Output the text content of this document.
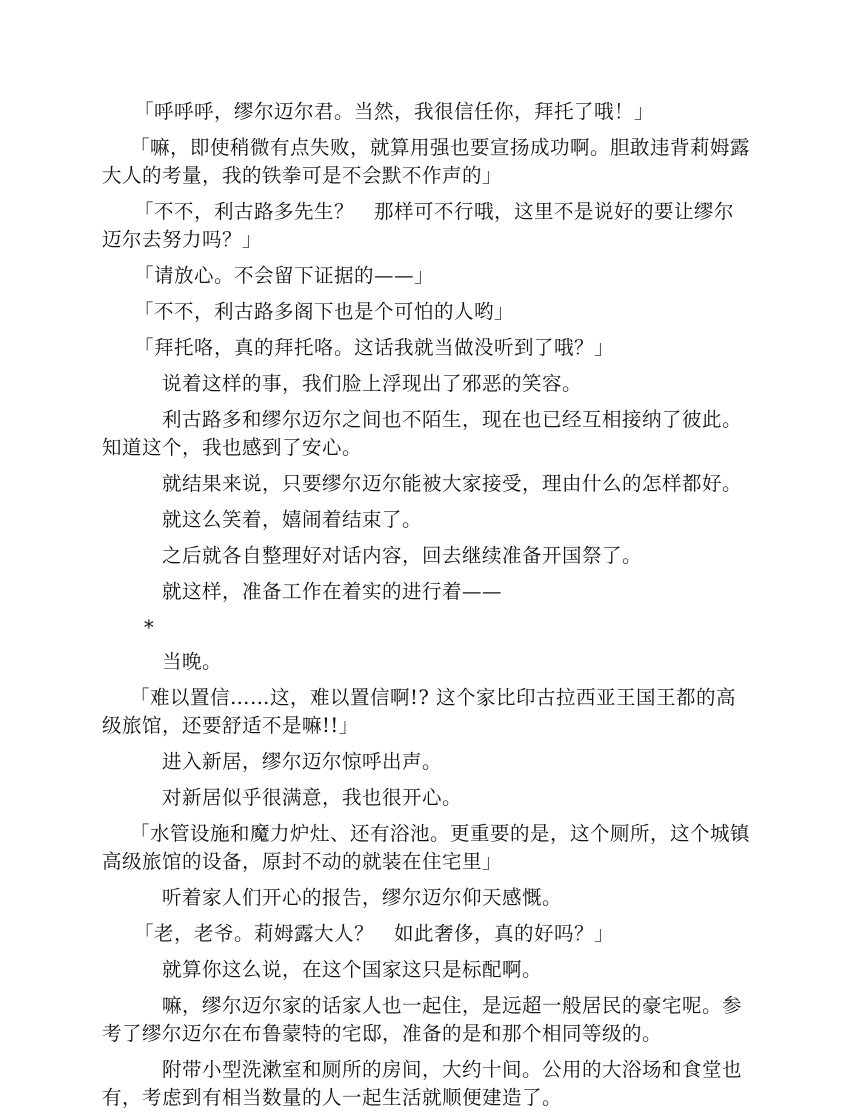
「呼呼呼，缪尔迈尔君。当然，我很信任你，拜托了哦！」

「嘛，即使稍微有点失败，就算用强也要宣扬成功啊。胆敢违背莉姆露大人的考量，我的铁拳可是不会默不作声的」

「不不，利古路多先生？　那样可不行哦，这里不是说好的要让缪尔迈尔去努力吗？」

「请放心。不会留下证据的——」

「不不，利古路多阁下也是个可怕的人哟」

「拜托咯，真的拜托咯。这话我就当做没听到了哦？」

说着这样的事，我们脸上浮现出了邪恶的笑容。

利古路多和缪尔迈尔之间也不陌生，现在也已经互相接纳了彼此。知道这个，我也感到了安心。

就结果来说，只要缪尔迈尔能被大家接受，理由什么的怎样都好。

就这么笑着，嬉闹着结束了。

之后就各自整理好对话内容，回去继续准备开国祭了。

就这样，准备工作在着实的进行着——

*

当晚。

「难以置信……这，难以置信啊!? 这个家比印古拉西亚王国王都的高级旅馆，还要舒适不是嘛!!」

进入新居，缪尔迈尔惊呼出声。

对新居似乎很满意，我也很开心。

「水管设施和魔力炉灶、还有浴池。更重要的是，这个厕所，这个城镇高级旅馆的设备，原封不动的就装在住宅里」

听着家人们开心的报告，缪尔迈尔仰天感慨。

「老，老爷。莉姆露大人？　如此奢侈，真的好吗？」

就算你这么说，在这个国家这只是标配啊。

嘛，缪尔迈尔家的话家人也一起住，是远超一般居民的豪宅呢。参考了缪尔迈尔在布鲁蒙特的宅邸，准备的是和那个相同等级的。

附带小型洗漱室和厕所的房间，大约十间。公用的大浴场和食堂也有，考虑到有相当数量的人一起生活就顺便建造了。
